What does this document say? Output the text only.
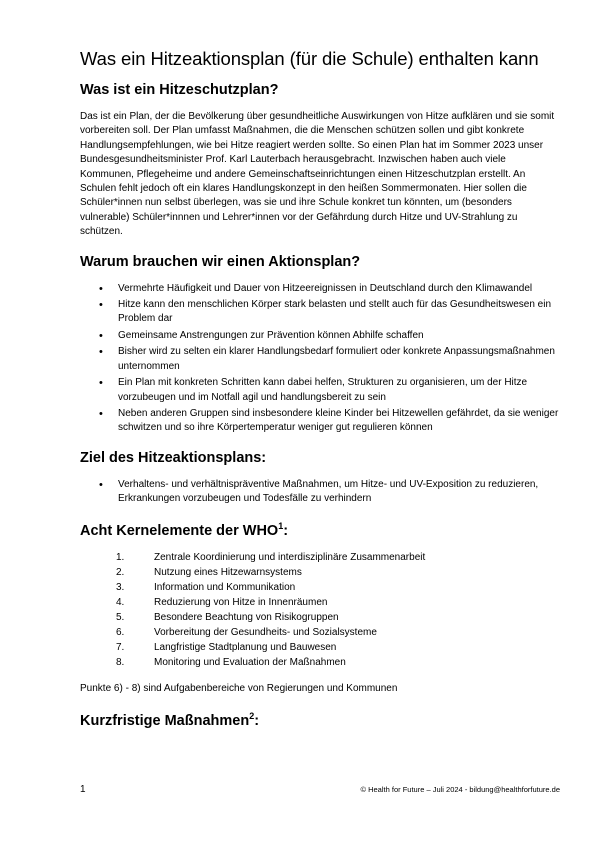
Was ein Hitzeaktionsplan (für die Schule) enthalten kann
Was ist ein Hitzeschutzplan?

Das ist ein Plan, der die Bevölkerung über gesundheitliche Auswirkungen von Hitze aufklären und sie somit vorbereiten soll. Der Plan umfasst Maßnahmen, die die Menschen schützen sollen und gibt konkrete Handlungsempfehlungen, wie bei Hitze reagiert werden sollte. So einen Plan hat im Sommer 2023 unser Bundesgesundheitsminister Prof. Karl Lauterbach herausgebracht. Inzwischen haben auch viele Kommunen, Pflegeheime und andere Gemeinschaftseinrichtungen einen Hitzeschutzplan erstellt. An Schulen fehlt jedoch oft ein klares Handlungskonzept in den heißen Sommermonaten. Hier sollen die Schüler*innen nun selbst überlegen, was sie und ihre Schule konkret tun könnten, um (besonders vulnerable) Schüler*innnen und Lehrer*innen vor der Gefährdung durch Hitze und UV-Strahlung zu schützen.

Warum brauchen wir einen Aktionsplan?
• Vermehrte Häufigkeit und Dauer von Hitzeereignissen in Deutschland durch den Klimawandel
• Hitze kann den menschlichen Körper stark belasten und stellt auch für das Gesundheitswesen ein Problem dar
• Gemeinsame Anstrengungen zur Prävention können Abhilfe schaffen
• Bisher wird zu selten ein klarer Handlungsbedarf formuliert oder konkrete Anpassungsmaßnahmen unternommen
• Ein Plan mit konkreten Schritten kann dabei helfen, Strukturen zu organisieren, um der Hitze vorzubeugen und im Notfall agil und handlungsbereit zu sein
• Neben anderen Gruppen sind insbesondere kleine Kinder bei Hitzewellen gefährdet, da sie weniger schwitzen und so ihre Körpertemperatur weniger gut regulieren können
Ziel des Hitzeaktionsplans:
• Verhaltens- und verhältnispräventive Maßnahmen, um Hitze- und UV-Exposition zu reduzieren, Erkrankungen vorzubeugen und Todesfälle zu verhindern
Acht Kernelemente der WHO$^1$:
1.	Zentrale Koordinierung und interdisziplinäre Zusammenarbeit
2.	Nutzung eines Hitzewarnsystems
3.	Information und Kommunikation
4.	Reduzierung von Hitze in Innenräumen
5.	Besondere Beachtung von Risikogruppen
6.	Vorbereitung der Gesundheits- und Sozialsysteme
7.	Langfristige Stadtplanung und Bauwesen
8.	Monitoring und Evaluation der Maßnahmen

Punkte 6) - 8) sind Aufgabenbereiche von Regierungen und Kommunen

Kurzfristige Maßnahmen$^2$:
1	© Health for Future – Juli 2024 - bildung@healthforfuture.de
